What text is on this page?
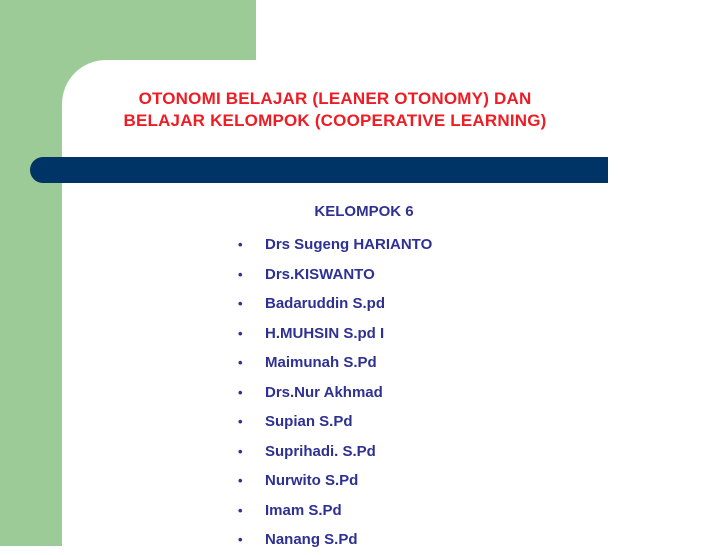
OTONOMI BELAJAR (LEANER OTONOMY) DAN
BELAJAR KELOMPOK (COOPERATIVE LEARNING)
KELOMPOK 6
• Drs Sugeng HARIANTO
• Drs.KISWANTO
• Badaruddin S.pd
• H.MUHSIN S.pd I
• Maimunah S.Pd
• Drs.Nur Akhmad
• Supian S.Pd
• Suprihadi. S.Pd
• Nurwito S.Pd
• Imam S.Pd
• Nanang S.Pd
